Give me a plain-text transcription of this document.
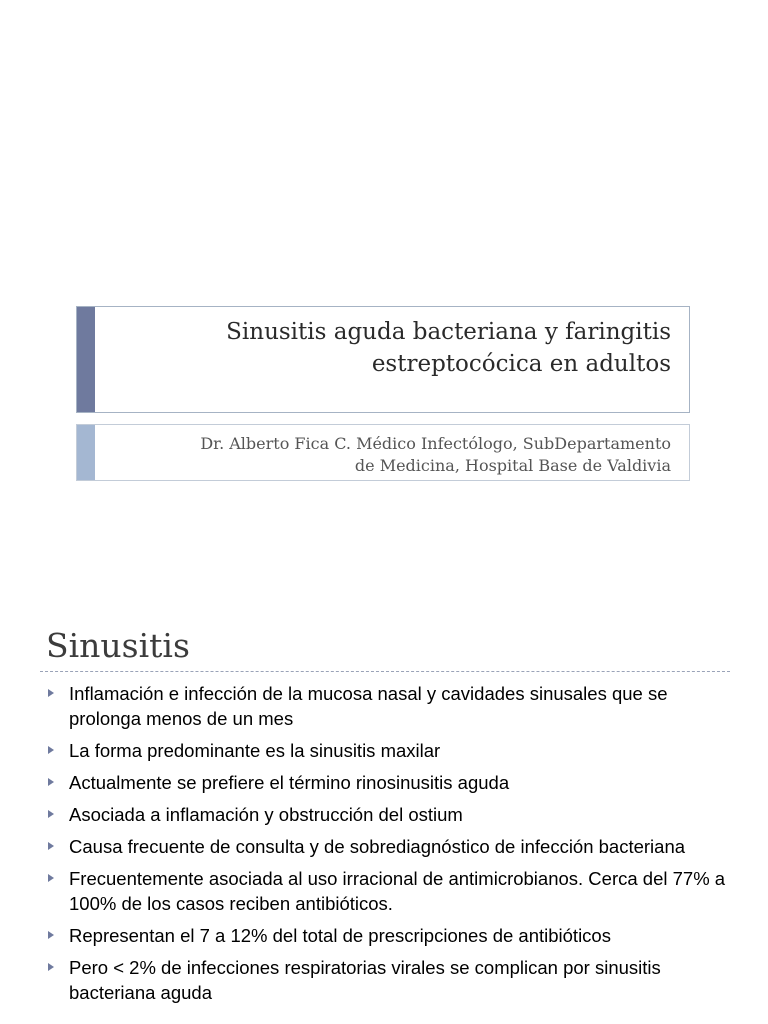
Sinusitis aguda bacteriana y faringitis
estreptocócica en adultos
Dr. Alberto Fica C. Médico Infectólogo, SubDepartamento
de Medicina, Hospital Base de Valdivia
Sinusitis
Inflamación e infección de la mucosa nasal y cavidades sinusales que se prolonga menos de un mes
La forma predominante es la sinusitis maxilar
Actualmente se prefiere el término rinosinusitis aguda
Asociada a inflamación y obstrucción del ostium
Causa frecuente de consulta y de sobrediagnóstico de infección bacteriana
Frecuentemente asociada al uso irracional de antimicrobianos. Cerca del 77% a 100% de los casos reciben antibióticos.
Representan el 7 a 12% del total de prescripciones de antibióticos
Pero < 2% de infecciones respiratorias virales se complican por sinusitis bacteriana aguda
